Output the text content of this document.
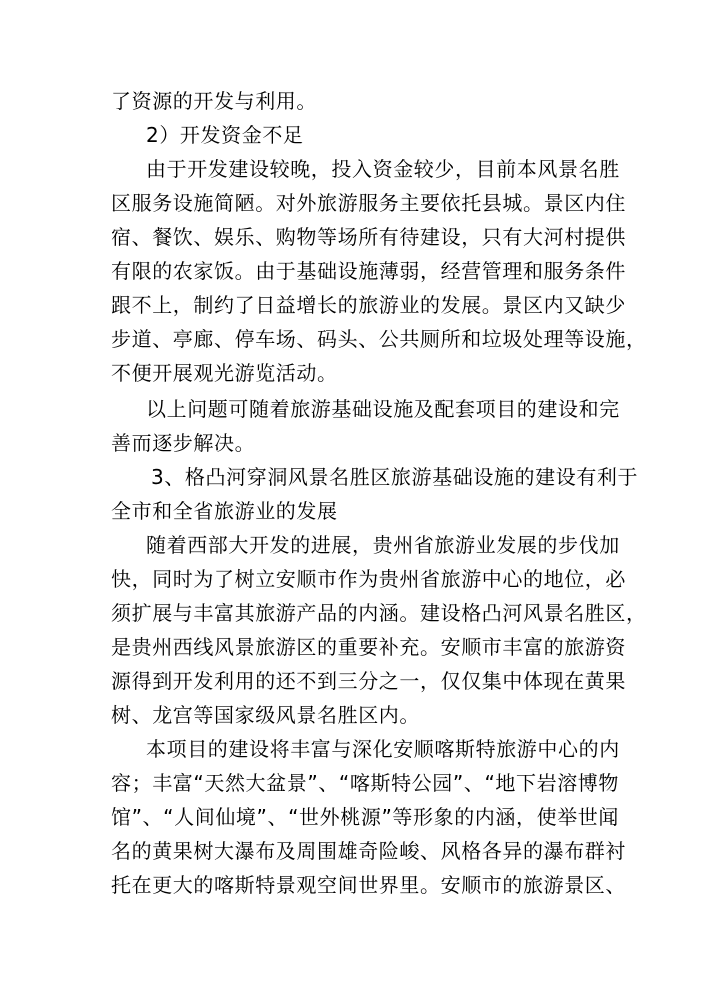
了资源的开发与利用。
2）开发资金不足
由于开发建设较晚，投入资金较少，目前本风景名胜
区服务设施简陋。对外旅游服务主要依托县城。景区内住
宿、餐饮、娱乐、购物等场所有待建设，只有大河村提供
有限的农家饭。由于基础设施薄弱，经营管理和服务条件
跟不上，制约了日益增长的旅游业的发展。景区内又缺少
步道、亭廊、停车场、码头、公共厕所和垃圾处理等设施，
不便开展观光游览活动。
以上问题可随着旅游基础设施及配套项目的建设和完
善而逐步解决。
3、格凸河穿洞风景名胜区旅游基础设施的建设有利于
全市和全省旅游业的发展
随着西部大开发的进展，贵州省旅游业发展的步伐加
快，同时为了树立安顺市作为贵州省旅游中心的地位，必
须扩展与丰富其旅游产品的内涵。建设格凸河风景名胜区，
是贵州西线风景旅游区的重要补充。安顺市丰富的旅游资
源得到开发利用的还不到三分之一，仅仅集中体现在黄果
树、龙宫等国家级风景名胜区内。
本项目的建设将丰富与深化安顺喀斯特旅游中心的内
容；丰富“天然大盆景”、“喀斯特公园”、“地下岩溶博物
馆”、“人间仙境”、“世外桃源”等形象的内涵，使举世闻
名的黄果树大瀑布及周围雄奇险峻、风格各异的瀑布群衬
托在更大的喀斯特景观空间世界里。安顺市的旅游景区、
